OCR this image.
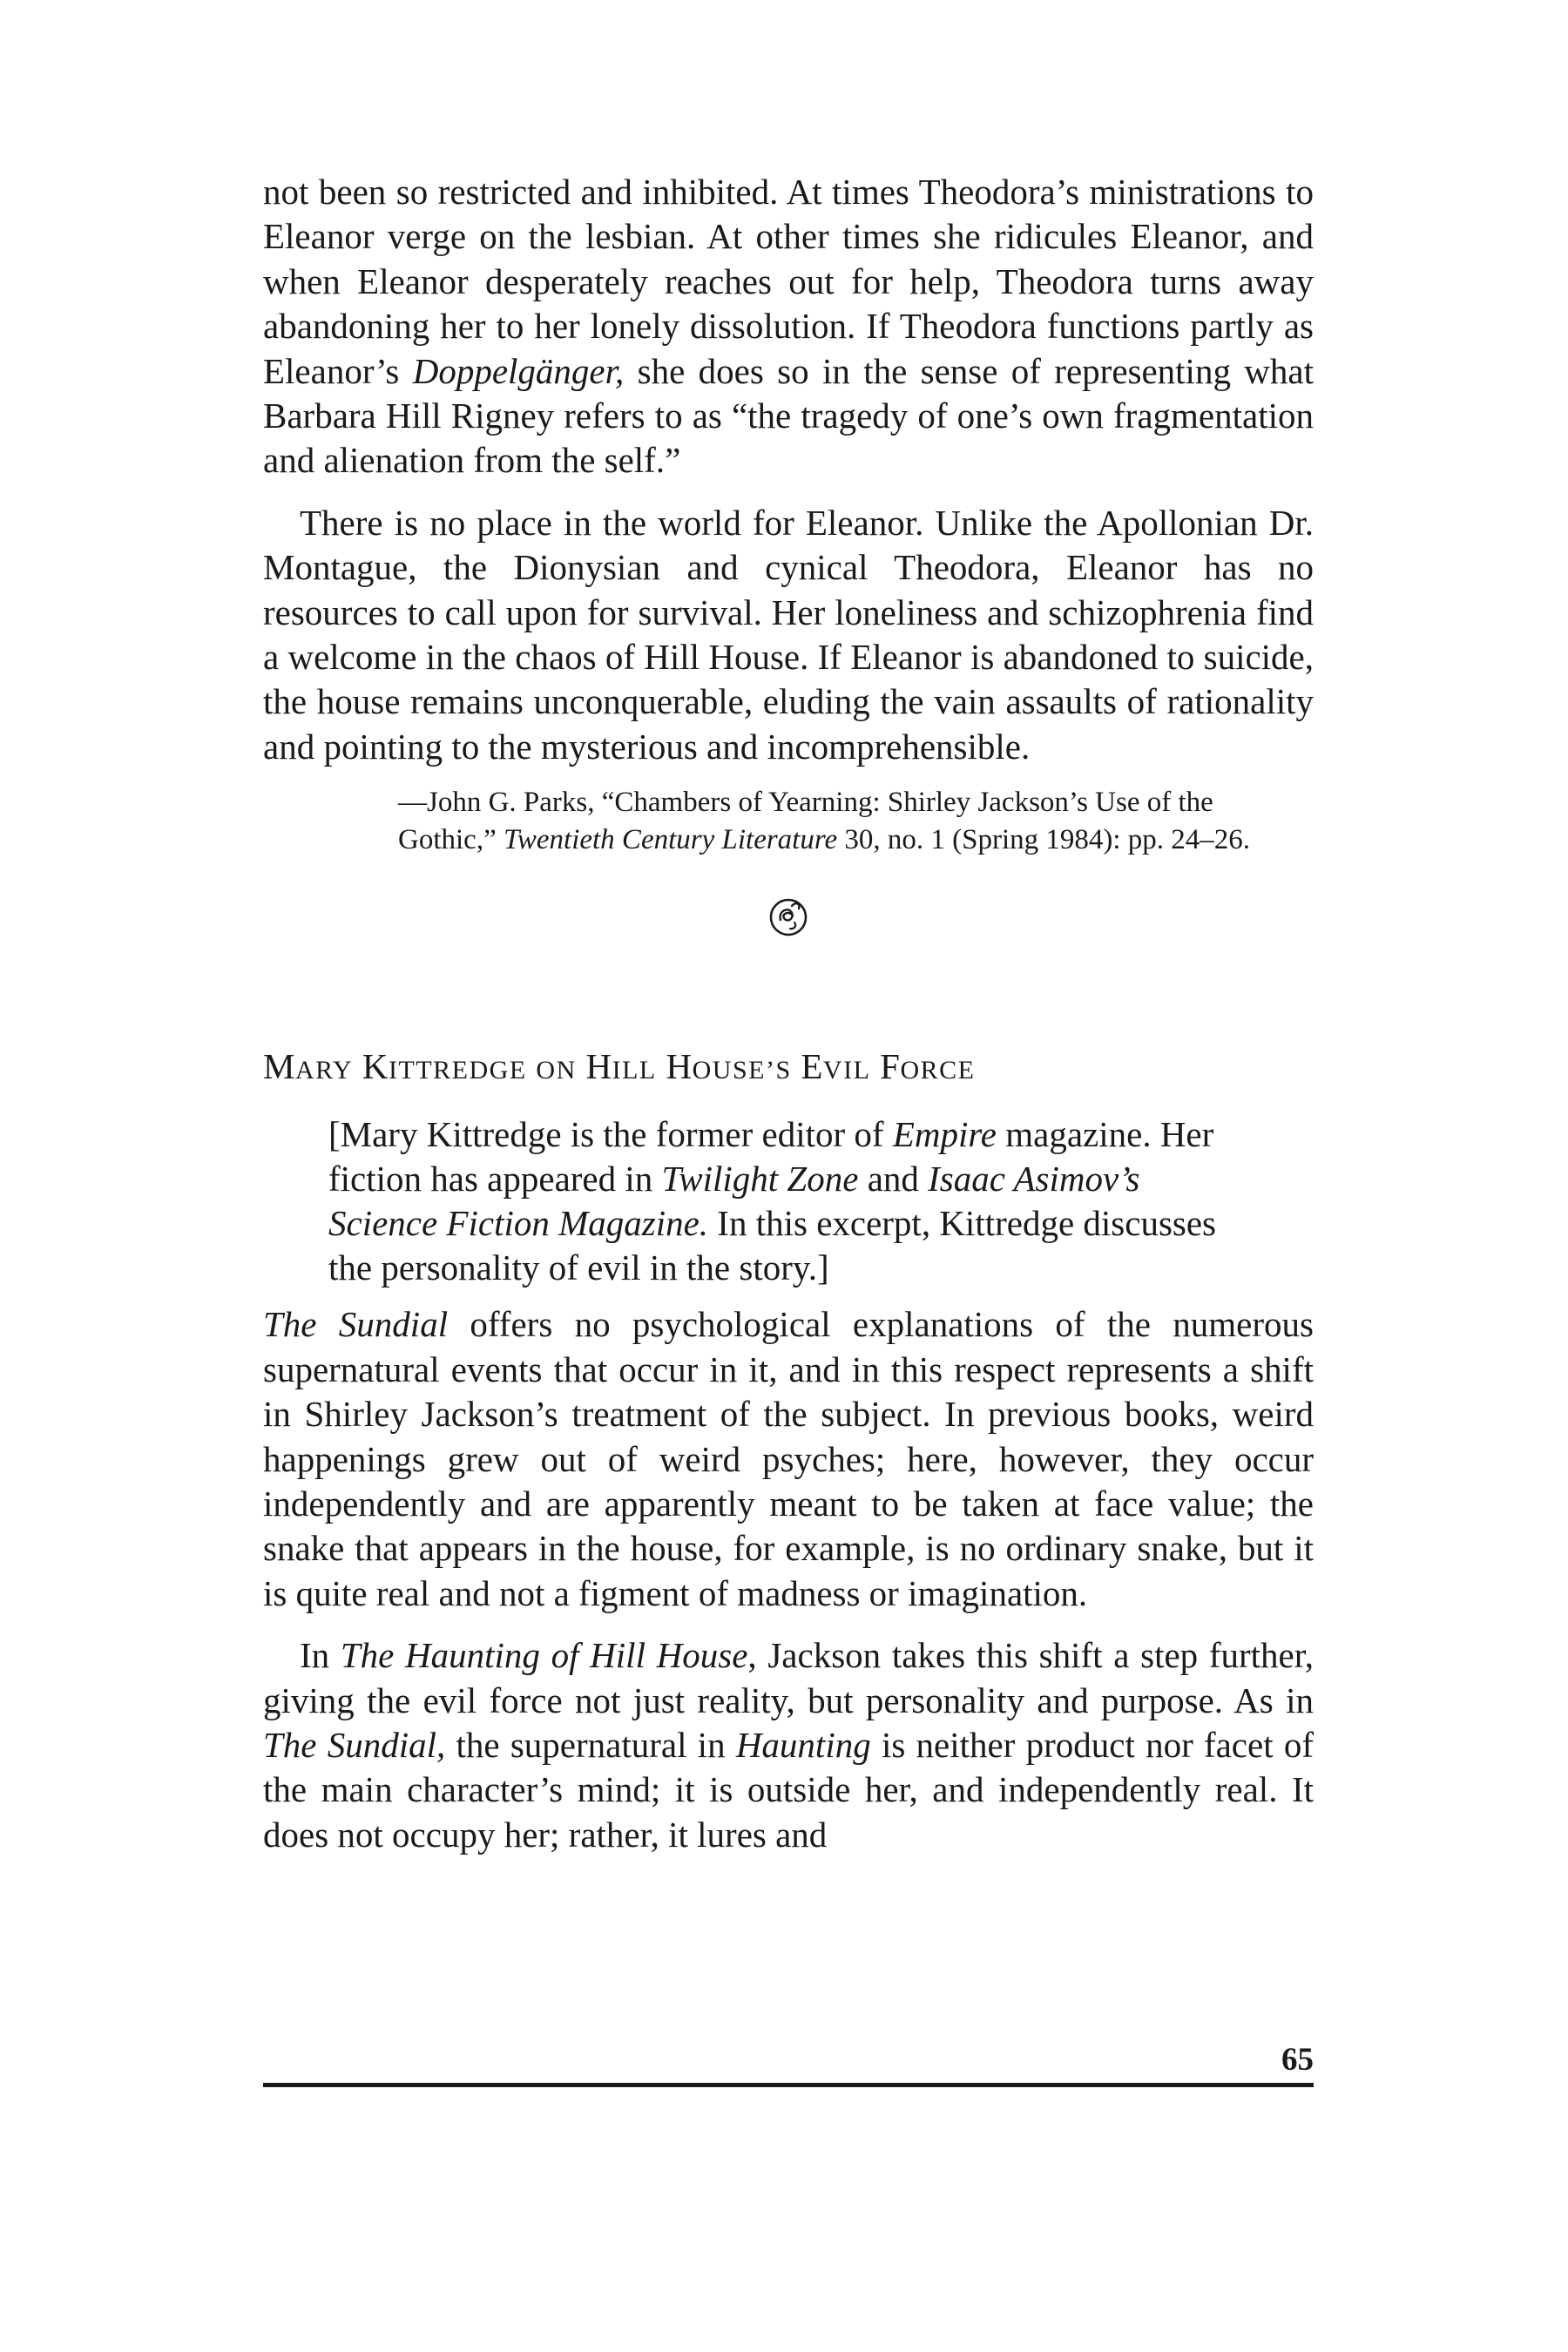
not been so restricted and inhibited. At times Theodora’s ministrations to Eleanor verge on the lesbian. At other times she ridicules Eleanor, and when Eleanor desperately reaches out for help, Theodora turns away abandoning her to her lonely dissolution. If Theodora functions partly as Eleanor’s Doppelgänger, she does so in the sense of representing what Barbara Hill Rigney refers to as “the tragedy of one’s own fragmentation and alienation from the self.”

There is no place in the world for Eleanor. Unlike the Apollonian Dr. Montague, the Dionysian and cynical Theodora, Eleanor has no resources to call upon for survival. Her loneliness and schizophrenia find a welcome in the chaos of Hill House. If Eleanor is abandoned to suicide, the house remains unconquerable, eluding the vain assaults of rationality and pointing to the mysterious and incomprehensible.

—John G. Parks, “Chambers of Yearning: Shirley Jackson’s Use of the Gothic,” Twentieth Century Literature 30, no. 1 (Spring 1984): pp. 24–26.

MARY KITTREDGE ON HILL HOUSE’S EVIL FORCE

[Mary Kittredge is the former editor of Empire magazine. Her fiction has appeared in Twilight Zone and Isaac Asimov’s Science Fiction Magazine. In this excerpt, Kittredge discusses the personality of evil in the story.]

The Sundial offers no psychological explanations of the numerous supernatural events that occur in it, and in this respect represents a shift in Shirley Jackson’s treatment of the subject. In previous books, weird happenings grew out of weird psyches; here, however, they occur independently and are apparently meant to be taken at face value; the snake that appears in the house, for example, is no ordinary snake, but it is quite real and not a figment of madness or imagination.

In The Haunting of Hill House, Jackson takes this shift a step further, giving the evil force not just reality, but personality and purpose. As in The Sundial, the supernatural in Haunting is neither product nor facet of the main character’s mind; it is outside her, and independently real. It does not occupy her; rather, it lures and

65
